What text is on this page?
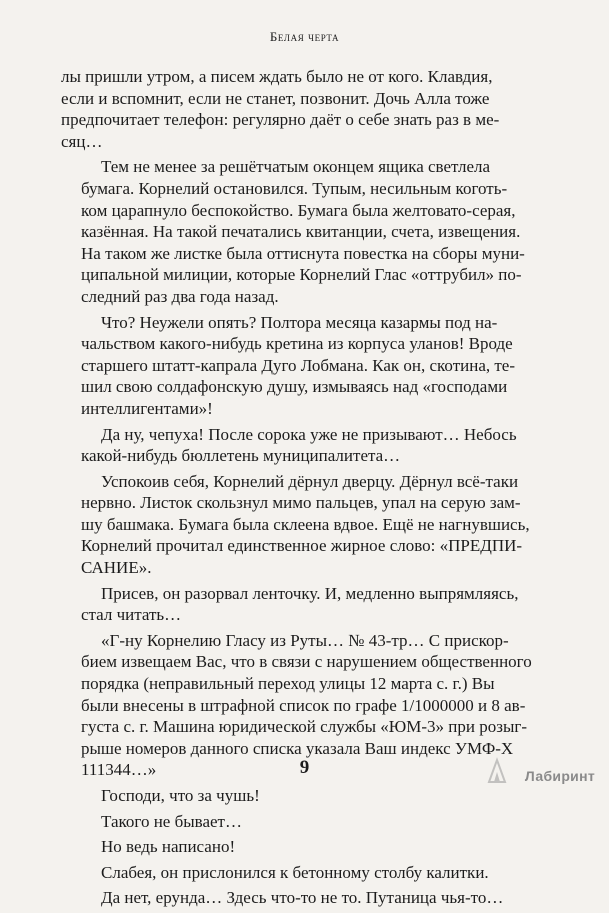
Белая черта
лы пришли утром, а писем ждать было не от кого. Клавдия,
если и вспомнит, если не станет, позвонит. Дочь Алла тоже
предпочитает телефон: регулярно даёт о себе знать раз в ме-
сяц…
Тем не менее за решётчатым оконцем ящика светлела
бумага. Корнелий остановился. Тупым, несильным коготь-
ком царапнуло беспокойство. Бумага была желтовато-серая,
казённая. На такой печатались квитанции, счета, извещения.
На таком же листке была оттиснута повестка на сборы муни-
ципальной милиции, которые Корнелий Глас «оттрубил» по-
следний раз два года назад.
Что? Неужели опять? Полтора месяца казармы под на-
чальством какого-нибудь кретина из корпуса уланов! Вроде
старшего штатт-капрала Дуго Лобмана. Как он, скотина, те-
шил свою солдафонскую душу, измываясь над «господами
интеллигентами»!
Да ну, чепуха! После сорока уже не призывают… Небось
какой-нибудь бюллетень муниципалитета…
Успокоив себя, Корнелий дёрнул дверцу. Дёрнул всё-таки
нервно. Листок скользнул мимо пальцев, упал на серую зам-
шу башмака. Бумага была склеена вдвое. Ещё не нагнувшись,
Корнелий прочитал единственное жирное слово: «ПРЕДПИ-
САНИЕ».
Присев, он разорвал ленточку. И, медленно выпрямляясь,
стал читать…
«Г-ну Корнелию Гласу из Руты… № 43-тр… С прискор-
бием извещаем Вас, что в связи с нарушением общественного
порядка (неправильный переход улицы 12 марта с. г.) Вы
были внесены в штрафной список по графе 1/1000000 и 8 ав-
густа с. г. Машина юридической службы «ЮМ-3» при розыг-
рыше номеров данного списка указала Ваш индекс УМФ-Х
111344…»
Господи, что за чушь!
Такого не бывает…
Но ведь написано!
Слабея, он прислонился к бетонному столбу калитки.
Да нет, ерунда… Здесь что-то не то. Путаница чья-то…
9	Лабиринт
